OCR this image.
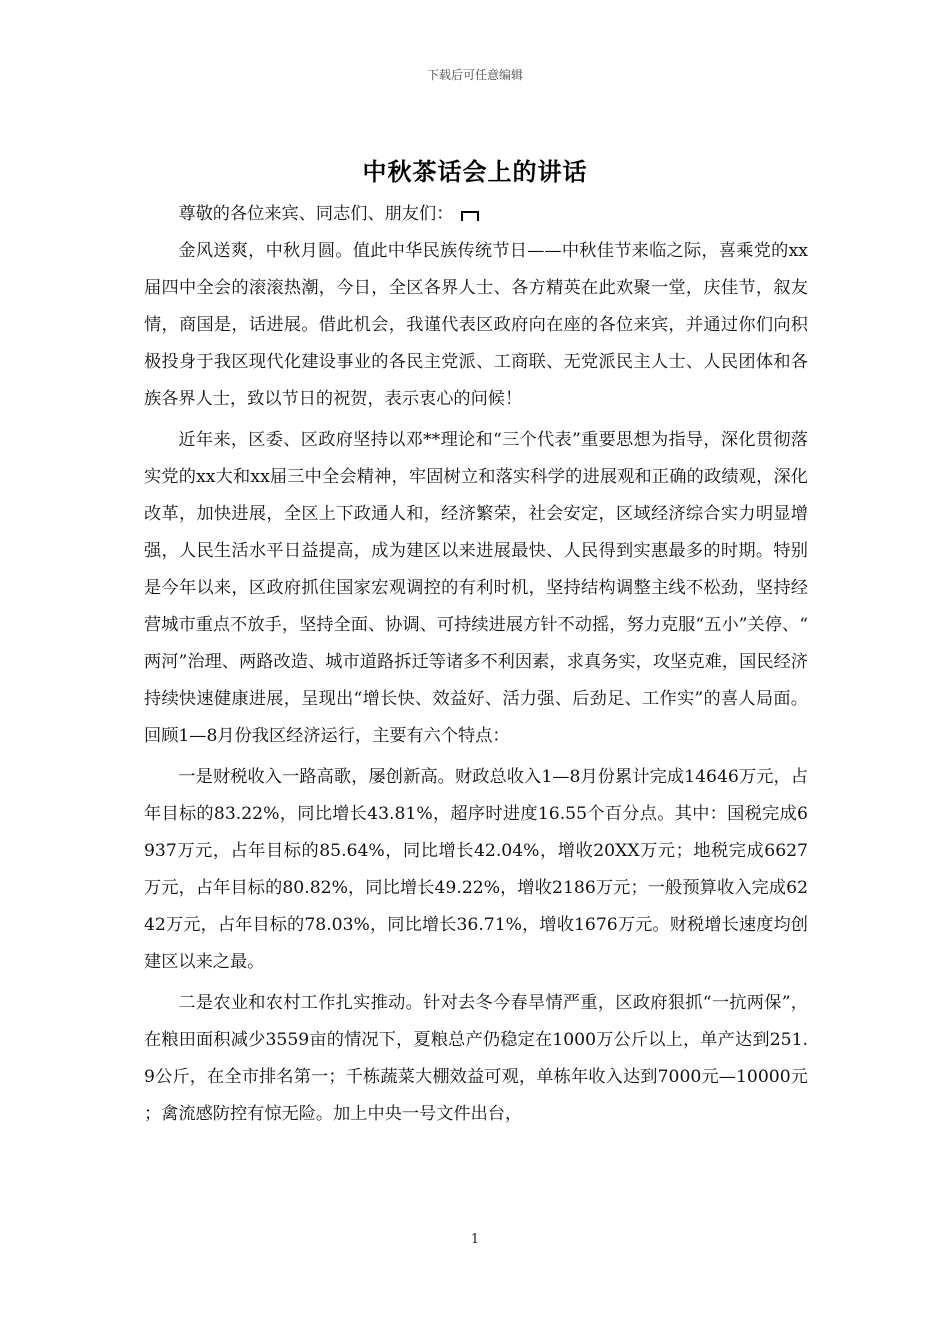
下载后可任意编辑
中秋茶话会上的讲话

尊敬的各位来宾、同志们、朋友们：

金风送爽，中秋月圆。值此中华民族传统节日——中秋佳节来临之际，喜乘党的xx届四中全会的滚滚热潮，今日，全区各界人士、各方精英在此欢聚一堂，庆佳节，叙友情，商国是，话进展。借此机会，我谨代表区政府向在座的各位来宾，并通过你们向积极投身于我区现代化建设事业的各民主党派、工商联、无党派民主人士、人民团体和各族各界人士，致以节日的祝贺，表示衷心的问候！

近年来，区委、区政府坚持以邓**理论和“三个代表”重要思想为指导，深化贯彻落实党的xx大和xx届三中全会精神，牢固树立和落实科学的进展观和正确的政绩观，深化改革，加快进展，全区上下政通人和，经济繁荣，社会安定，区域经济综合实力明显增强，人民生活水平日益提高，成为建区以来进展最快、人民得到实惠最多的时期。特别是今年以来，区政府抓住国家宏观调控的有利时机，坚持结构调整主线不松劲，坚持经营城市重点不放手，坚持全面、协调、可持续进展方针不动摇，努力克服“五小”关停、“两河”治理、两路改造、城市道路拆迁等诸多不利因素，求真务实，攻坚克难，国民经济持续快速健康进展，呈现出“增长快、效益好、活力强、后劲足、工作实”的喜人局面。回顾1—8月份我区经济运行，主要有六个特点：

一是财税收入一路高歌，屡创新高。财政总收入1—8月份累计完成14646万元，占年目标的83.22%，同比增长43.81%，超序时进度16.55个百分点。其中：国税完成6937万元，占年目标的85.64%，同比增长42.04%，增收20XX万元；地税完成6627万元，占年目标的80.82%，同比增长49.22%，增收2186万元；一般预算收入完成6242万元，占年目标的78.03%，同比增长36.71%，增收1676万元。财税增长速度均创建区以来之最。

二是农业和农村工作扎实推动。针对去冬今春旱情严重，区政府狠抓“一抗两保”，在粮田面积减少3559亩的情况下，夏粮总产仍稳定在1000万公斤以上，单产达到251.9公斤，在全市排名第一；千栋蔬菜大棚效益可观，单栋年收入达到7000元—10000元；禽流感防控有惊无险。加上中央一号文件出台，

1
